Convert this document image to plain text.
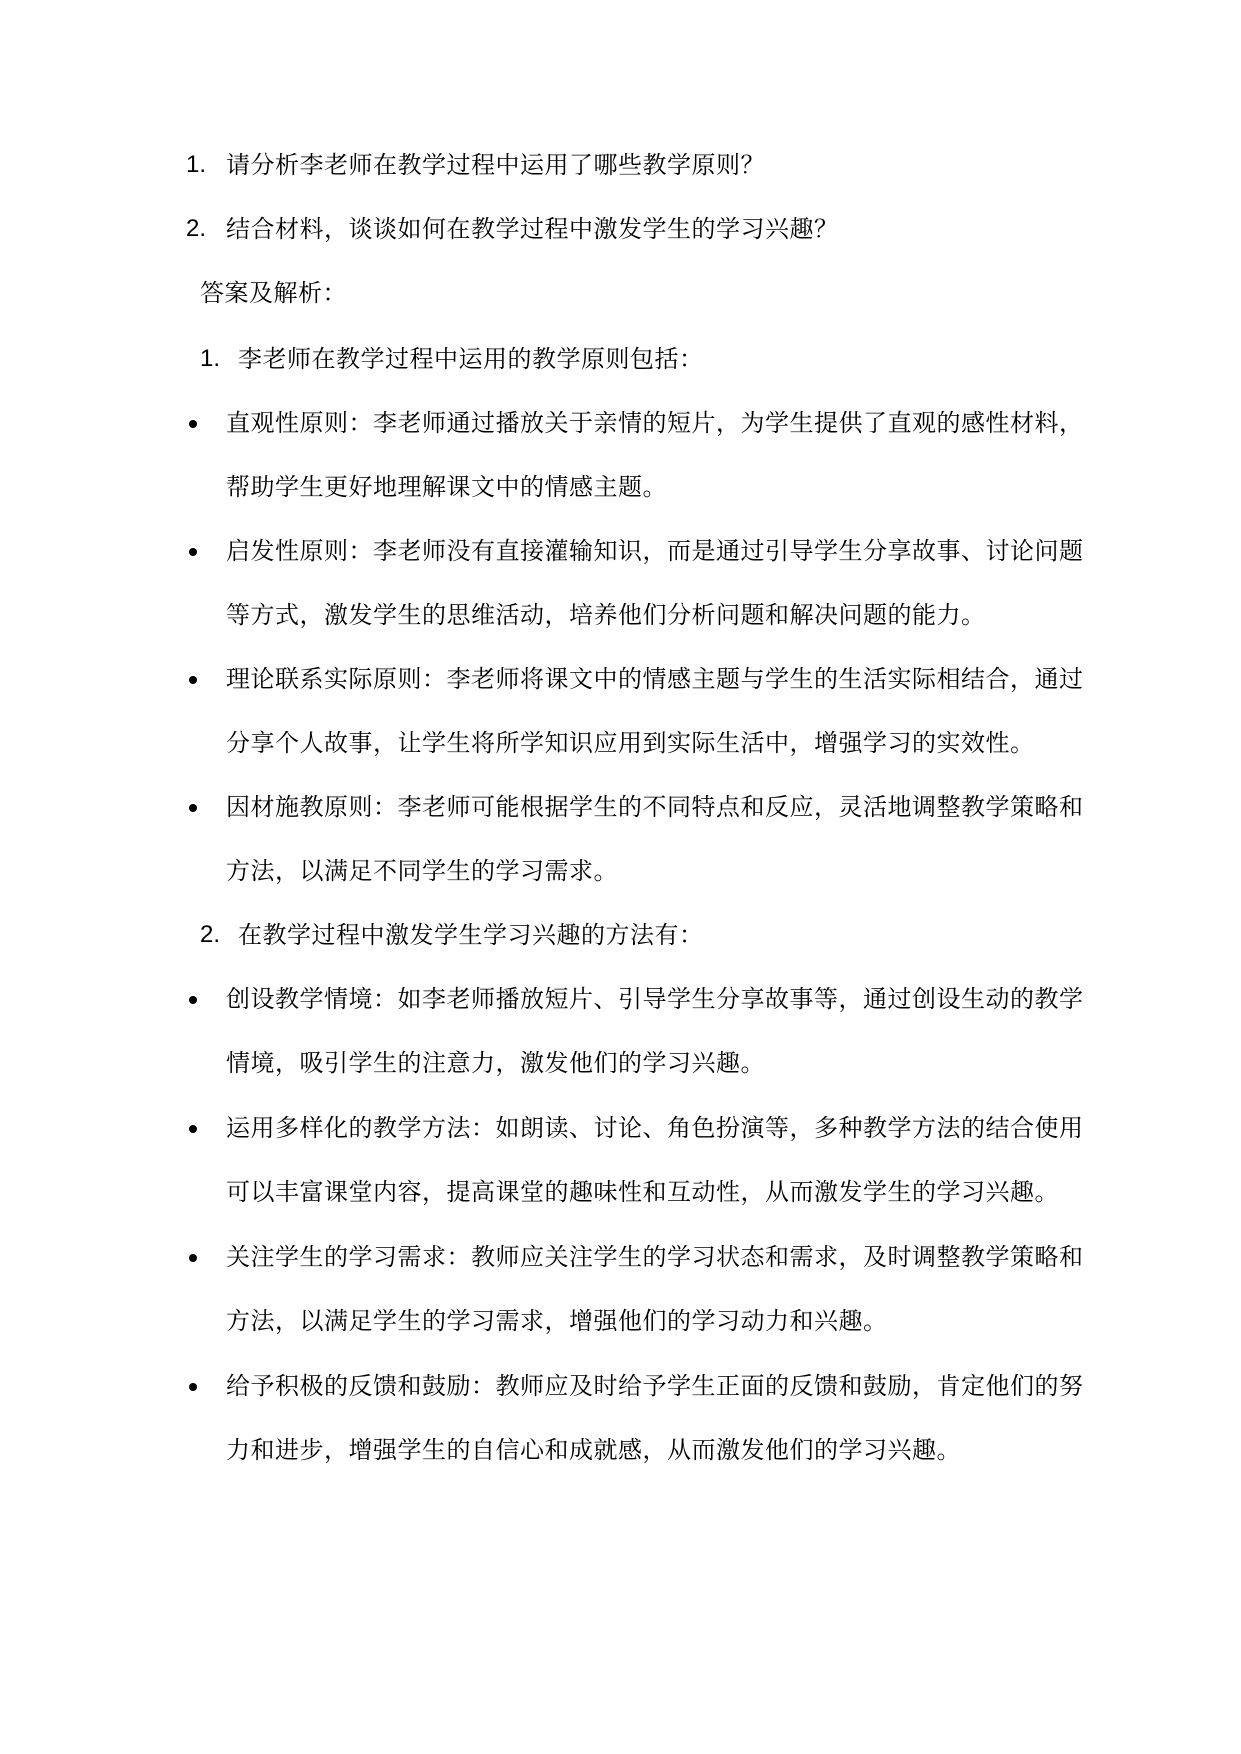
1. 请分析李老师在教学过程中运用了哪些教学原则？
2. 结合材料，谈谈如何在教学过程中激发学生的学习兴趣？
答案及解析：
1. 李老师在教学过程中运用的教学原则包括：
直观性原则：李老师通过播放关于亲情的短片，为学生提供了直观的感性材料，
帮助学生更好地理解课文中的情感主题。
启发性原则：李老师没有直接灌输知识，而是通过引导学生分享故事、讨论问题
等方式，激发学生的思维活动，培养他们分析问题和解决问题的能力。
理论联系实际原则：李老师将课文中的情感主题与学生的生活实际相结合，通过
分享个人故事，让学生将所学知识应用到实际生活中，增强学习的实效性。
因材施教原则：李老师可能根据学生的不同特点和反应，灵活地调整教学策略和
方法，以满足不同学生的学习需求。
2. 在教学过程中激发学生学习兴趣的方法有：
创设教学情境：如李老师播放短片、引导学生分享故事等，通过创设生动的教学
情境，吸引学生的注意力，激发他们的学习兴趣。
运用多样化的教学方法：如朗读、讨论、角色扮演等，多种教学方法的结合使用
可以丰富课堂内容，提高课堂的趣味性和互动性，从而激发学生的学习兴趣。
关注学生的学习需求：教师应关注学生的学习状态和需求，及时调整教学策略和
方法，以满足学生的学习需求，增强他们的学习动力和兴趣。
给予积极的反馈和鼓励：教师应及时给予学生正面的反馈和鼓励，肯定他们的努
力和进步，增强学生的自信心和成就感，从而激发他们的学习兴趣。
